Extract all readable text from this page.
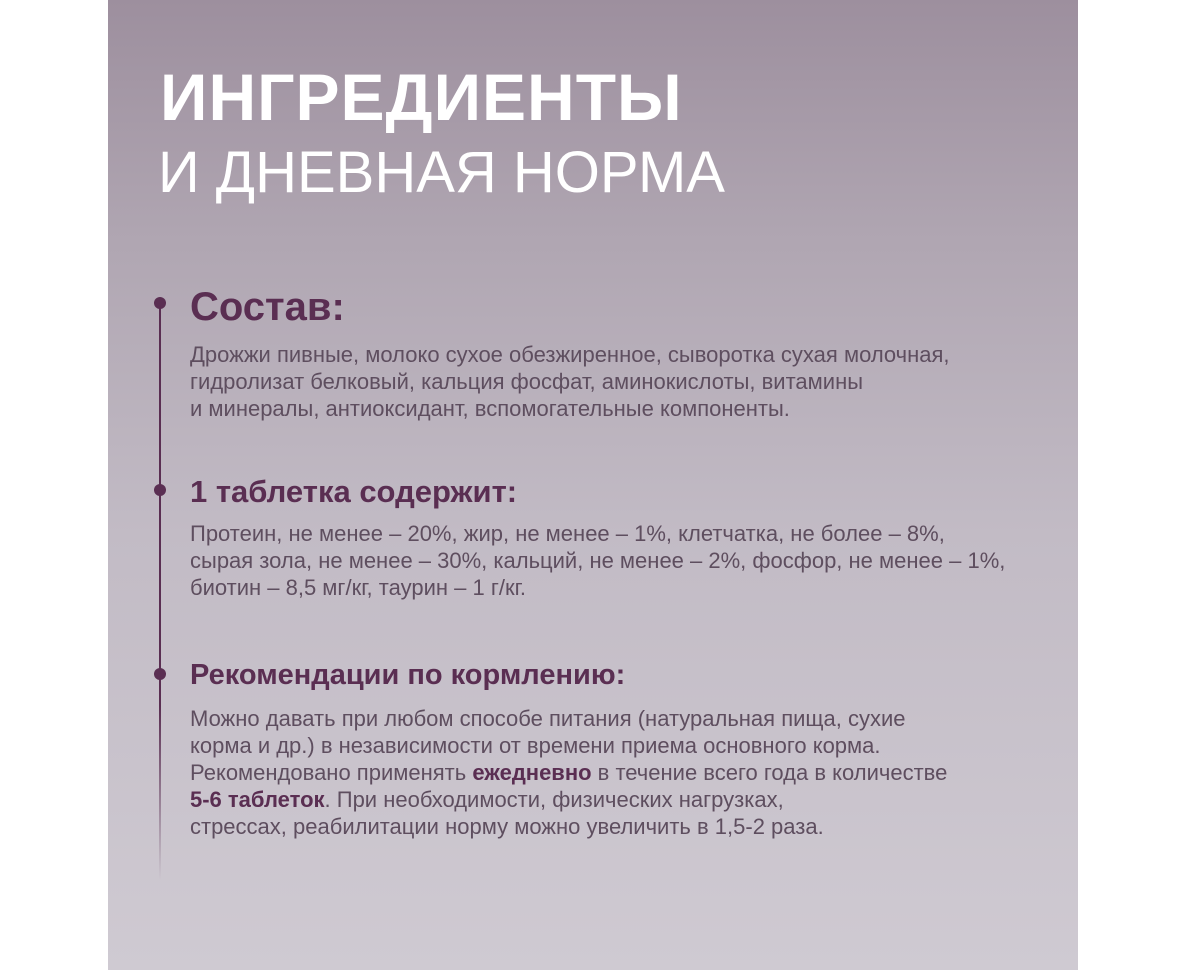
ИНГРЕДИЕНТЫ
И ДНЕВНАЯ НОРМА
Состав:
Дрожжи пивные, молоко сухое обезжиренное, сыворотка сухая молочная,
гидролизат белковый, кальция фосфат, аминокислоты, витамины
и минералы, антиоксидант, вспомогательные компоненты.
1 таблетка содержит:
Протеин, не менее – 20%, жир, не менее – 1%, клетчатка, не более – 8%,
сырая зола, не менее – 30%, кальций, не менее – 2%, фосфор, не менее – 1%,
биотин – 8,5 мг/кг, таурин – 1 г/кг.
Рекомендации по кормлению:
Можно давать при любом способе питания (натуральная пища, сухие
корма и др.) в независимости от времени приема основного корма.
Рекомендовано применять ежедневно в течение всего года в количестве
5-6 таблеток. При необходимости, физических нагрузках,
стрессах, реабилитации норму можно увеличить в 1,5-2 раза.
